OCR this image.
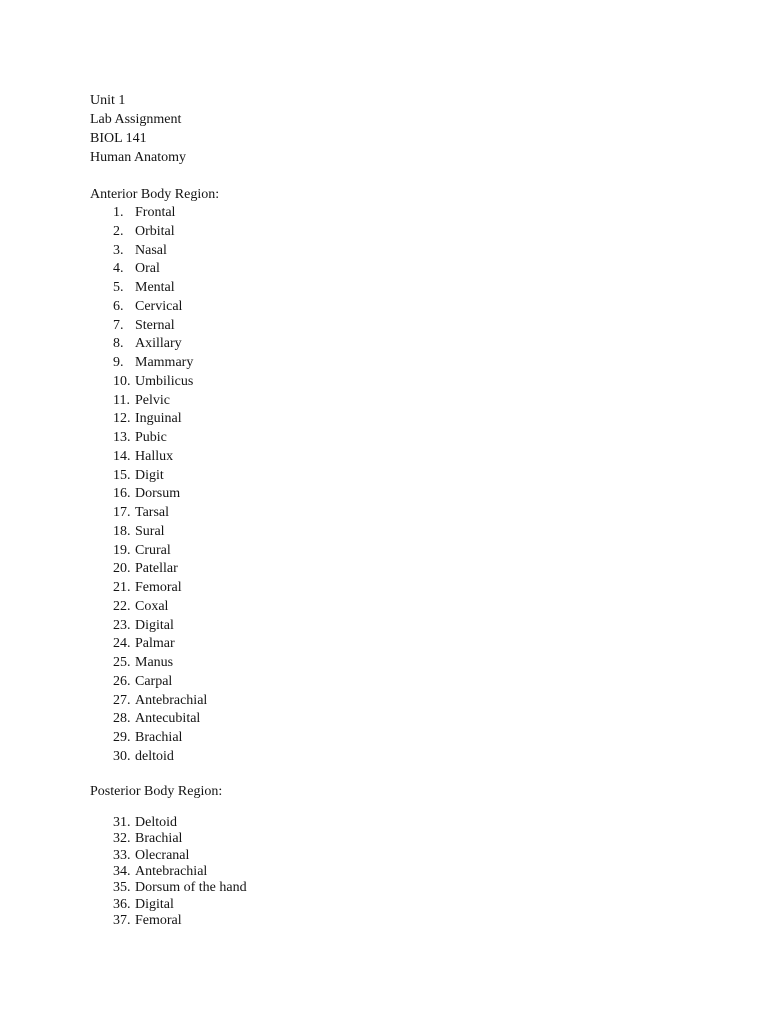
Unit 1
Lab Assignment
BIOL 141
Human Anatomy
Anterior Body Region:
1. Frontal
2. Orbital
3. Nasal
4. Oral
5. Mental
6. Cervical
7. Sternal
8. Axillary
9. Mammary
10. Umbilicus
11. Pelvic
12. Inguinal
13. Pubic
14. Hallux
15. Digit
16. Dorsum
17. Tarsal
18. Sural
19. Crural
20. Patellar
21. Femoral
22. Coxal
23. Digital
24. Palmar
25. Manus
26. Carpal
27. Antebrachial
28. Antecubital
29. Brachial
30. deltoid
Posterior Body Region:
31. Deltoid
32. Brachial
33. Olecranal
34. Antebrachial
35. Dorsum of the hand
36. Digital
37. Femoral
